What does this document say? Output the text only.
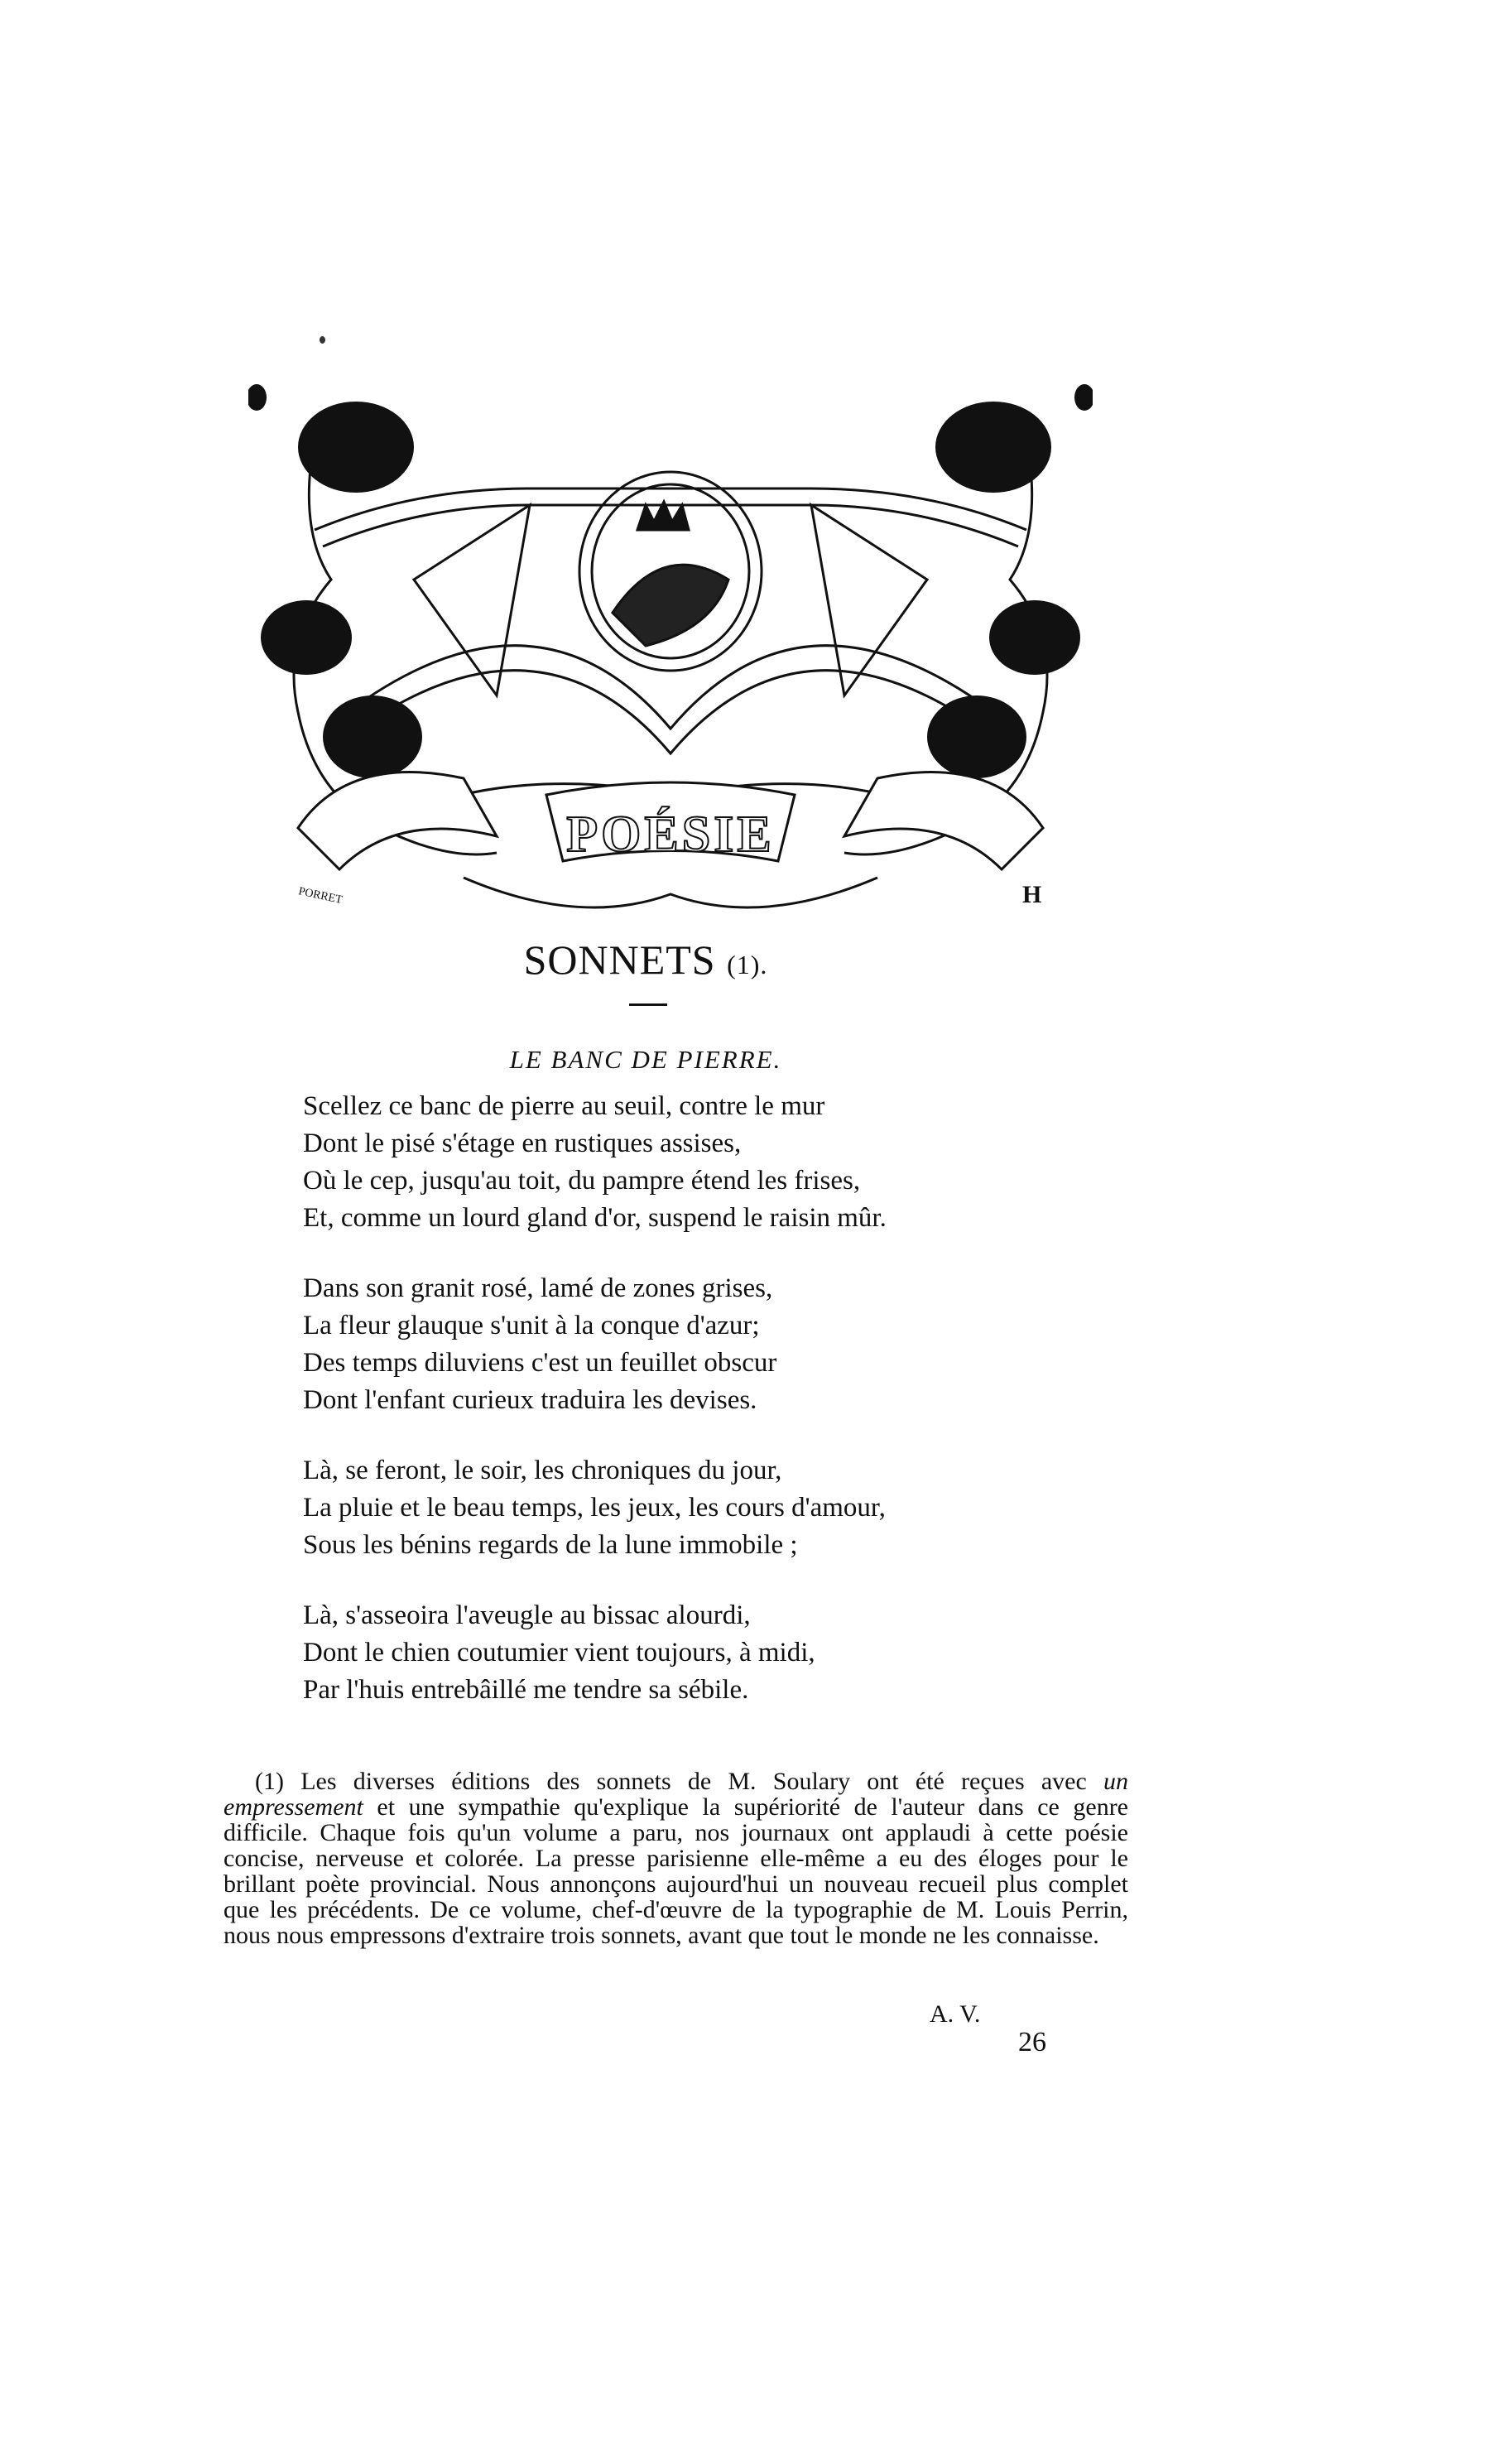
POÉSIE
PORRET	H
SONNETS (1).
LE BANC DE PIERRE.
Scellez ce banc de pierre au seuil, contre le mur
Dont le pisé s'étage en rustiques assises,
Où le cep, jusqu'au toit, du pampre étend les frises,
Et, comme un lourd gland d'or, suspend le raisin mûr.
Dans son granit rosé, lamé de zones grises,
La fleur glauque s'unit à la conque d'azur;
Des temps diluviens c'est un feuillet obscur
Dont l'enfant curieux traduira les devises.
Là, se feront, le soir, les chroniques du jour,
La pluie et le beau temps, les jeux, les cours d'amour,
Sous les bénins regards de la lune immobile ;
Là, s'asseoira l'aveugle au bissac alourdi,
Dont le chien coutumier vient toujours, à midi,
Par l'huis entrebâillé me tendre sa sébile.

(1) Les diverses éditions des sonnets de M. Soulary ont été reçues avec un empressement et une sympathie qu'explique la supériorité de l'auteur dans ce genre difficile. Chaque fois qu'un volume a paru, nos journaux ont applaudi à cette poésie concise, nerveuse et colorée. La presse parisienne elle-même a eu des éloges pour le brillant poète provincial. Nous annonçons aujourd'hui un nouveau recueil plus complet que les précédents. De ce volume, chef-d'œuvre de la typographie de M. Louis Perrin, nous nous empressons d'extraire trois sonnets, avant que tout le monde ne les connaisse.

A. V.
26
